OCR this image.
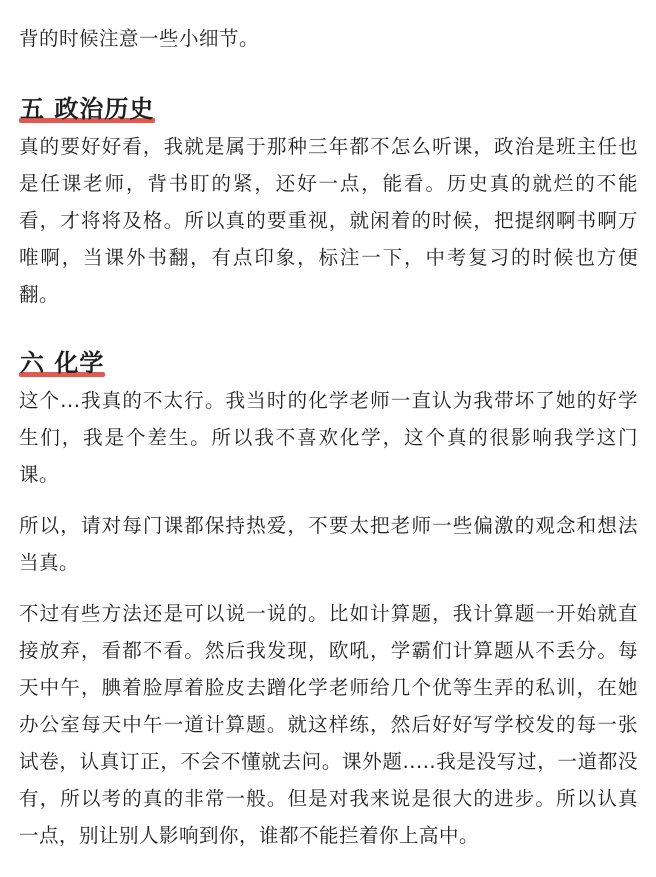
背的时候注意一些小细节。

五 政治历史

真的要好好看，我就是属于那种三年都不怎么听课，政治是班主任也是任课老师，背书盯的紧，还好一点，能看。历史真的就烂的不能看，才将将及格。所以真的要重视，就闲着的时候，把提纲啊书啊万唯啊，当课外书翻，有点印象，标注一下，中考复习的时候也方便翻。

六 化学

这个...我真的不太行。我当时的化学老师一直认为我带坏了她的好学生们，我是个差生。所以我不喜欢化学，这个真的很影响我学这门课。

所以，请对每门课都保持热爱，不要太把老师一些偏激的观念和想法当真。

不过有些方法还是可以说一说的。比如计算题，我计算题一开始就直接放弃，看都不看。然后我发现，欧吼，学霸们计算题从不丢分。每天中午，腆着脸厚着脸皮去蹭化学老师给几个优等生弄的私训，在她办公室每天中午一道计算题。就这样练，然后好好写学校发的每一张试卷，认真订正，不会不懂就去问。课外题.....我是没写过，一道都没有，所以考的真的非常一般。但是对我来说是很大的进步。所以认真一点，别让别人影响到你，谁都不能拦着你上高中。
